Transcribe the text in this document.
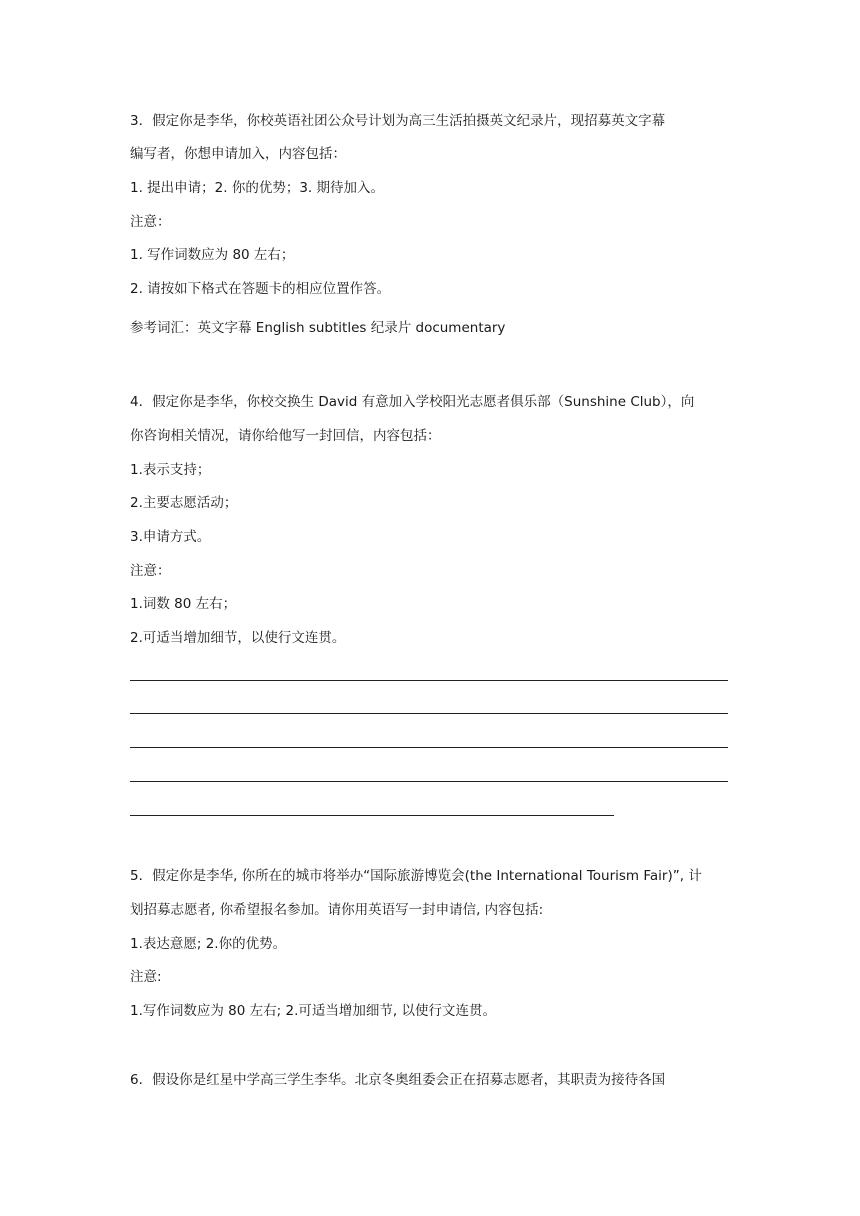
3．假定你是李华，你校英语社团公众号计划为高三生活拍摄英文纪录片，现招募英文字幕

编写者，你想申请加入，内容包括：

1. 提出申请；2. 你的优势；3. 期待加入。

注意：

1. 写作词数应为 80 左右；

2. 请按如下格式在答题卡的相应位置作答。

参考词汇：英文字幕 English subtitles 纪录片 documentary

4．假定你是李华，你校交换生 David 有意加入学校阳光志愿者俱乐部（Sunshine Club），向

你咨询相关情况，请你给他写一封回信，内容包括：

1.表示支持；

2.主要志愿活动；

3.申请方式。

注意：

1.词数 80 左右；

2.可适当增加细节，以使行文连贯。

5．假定你是李华, 你所在的城市将举办“国际旅游博览会(the International Tourism Fair)”, 计

划招募志愿者, 你希望报名参加。请你用英语写一封申请信, 内容包括:

1.表达意愿; 2.你的优势。

注意:

1.写作词数应为 80 左右; 2.可适当增加细节, 以使行文连贯。

6．假设你是红星中学高三学生李华。北京冬奥组委会正在招募志愿者，其职责为接待各国
